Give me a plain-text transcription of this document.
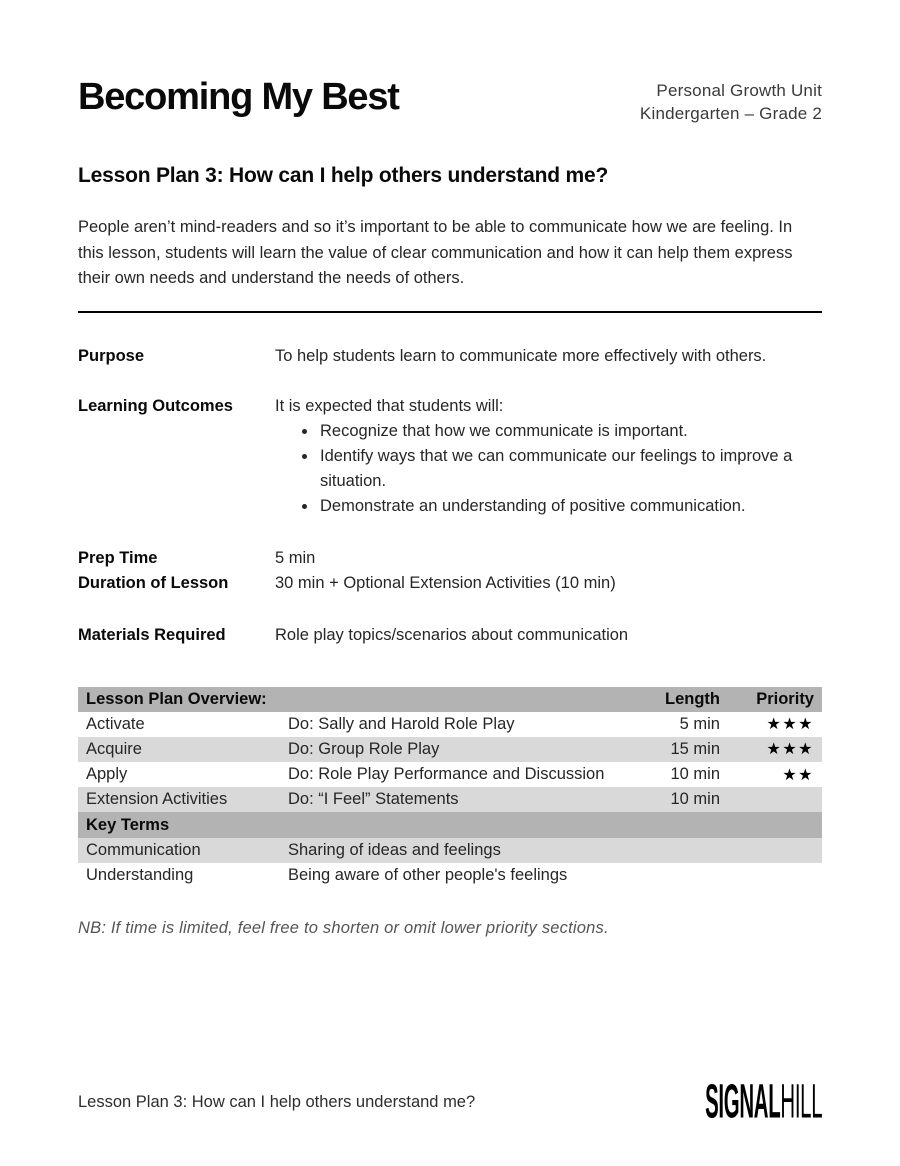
Becoming My Best	Personal Growth Unit
Kindergarten – Grade 2
Lesson Plan 3: How can I help others understand me?

People aren’t mind-readers and so it’s important to be able to communicate how we are feeling. In this lesson, students will learn the value of clear communication and how it can help them express their own needs and understand the needs of others.

Purpose	To help students learn to communicate more effectively with others.
Learning Outcomes	It is expected that students will:
• Recognize that how we communicate is important.
• Identify ways that we can communicate our feelings to improve a situation.
• Demonstrate an understanding of positive communication.
Prep Time	5 min
Duration of Lesson	30 min + Optional Extension Activities (10 min)
Materials Required	Role play topics/scenarios about communication
Lesson Plan Overview:		Length	Priority
Activate	Do: Sally and Harold Role Play	5 min	★★★
Acquire	Do: Group Role Play	15 min	★★★
Apply	Do: Role Play Performance and Discussion	10 min	★★
Extension Activities	Do: “I Feel” Statements	10 min	
Key Terms			
Communication	Sharing of ideas and feelings		
Understanding	Being aware of other people's feelings		

NB: If time is limited, feel free to shorten or omit lower priority sections.

Lesson Plan 3: How can I help others understand me?	SIGNALHILL
